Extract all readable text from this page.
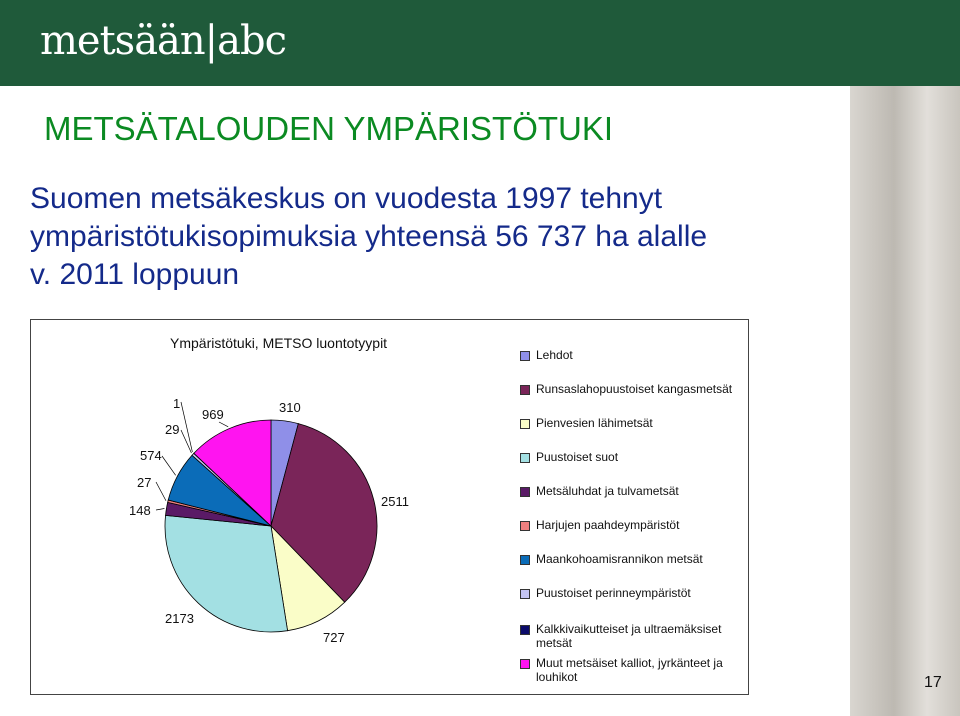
metsään|abc
METSÄTALOUDEN YMPÄRISTÖTUKI
Suomen metsäkeskus on vuodesta 1997 tehnyt
ympäristötukisopimuksia yhteensä 56 737 ha alalle
v. 2011 loppuun
Ympäristötuki, METSO luontotyypit
310
2511
727
2173
148
27
574
29
1
969
Lehdot
Runsaslahopuustoiset kangasmetsät
Pienvesien lähimetsät
Puustoiset suot
Metsäluhdat ja tulvametsät
Harjujen paahdeympäristöt
Maankohoamisrannikon metsät
Puustoiset perinneympäristöt
Kalkkivaikutteiset ja ultraemäksiset metsät
Muut metsäiset kalliot, jyrkänteet ja louhikot	17
